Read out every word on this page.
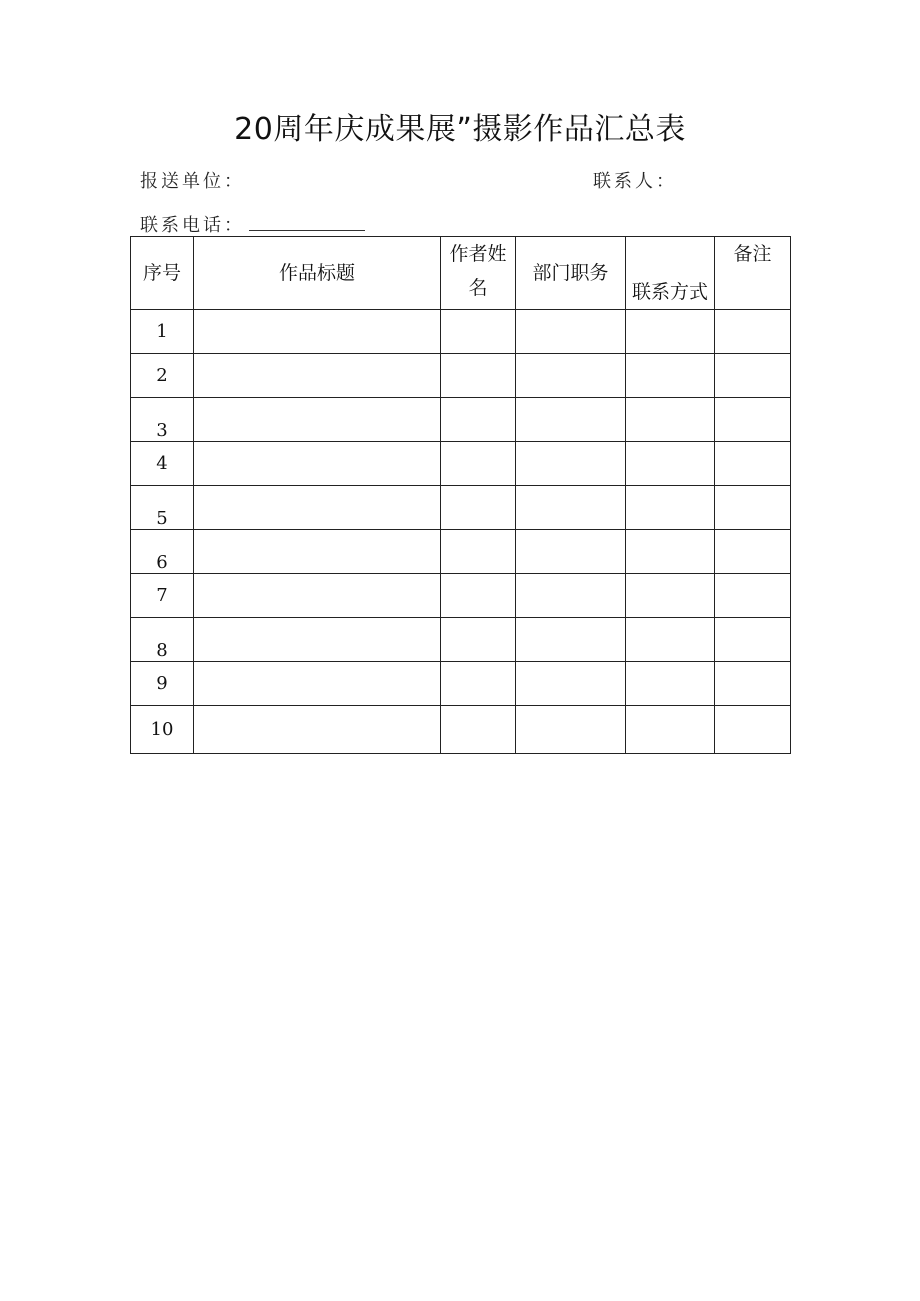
20周年庆成果展”摄影作品汇总表
报送单位：	联系人：
联系电话：
序号	作品标题	作者姓名	部门职务	联系方式	备注
1					
2					
3					
4					
5					
6					
7					
8					
9					
10					
